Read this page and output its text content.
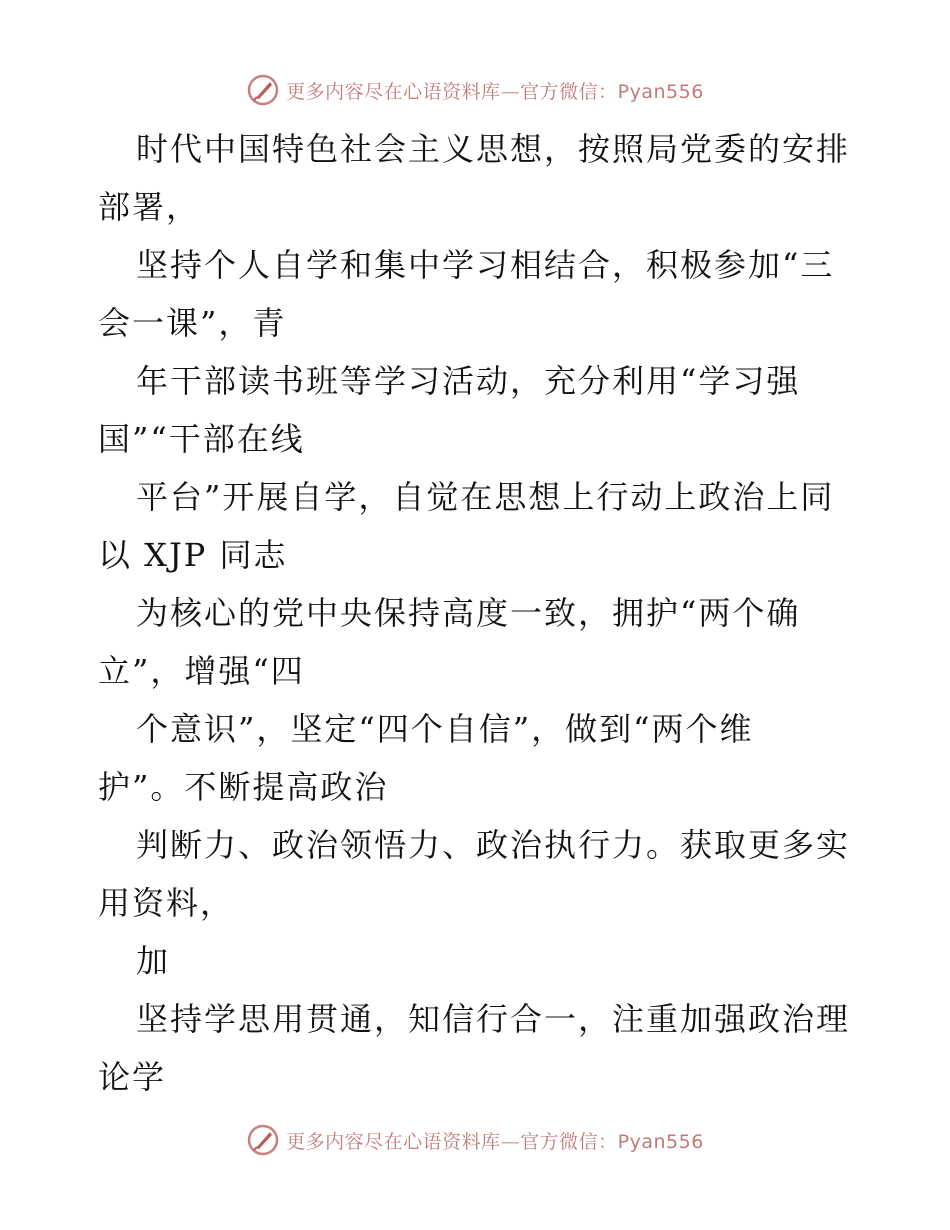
更多内容尽在心语资料库—官方微信：Pyan556
时代中国特色社会主义思想，按照局党委的安排
部署，
坚持个人自学和集中学习相结合，积极参加“三
会一课”，青
年干部读书班等学习活动，充分利用“学习强
国”“干部在线
平台”开展自学，自觉在思想上行动上政治上同
以 XJP 同志
为核心的党中央保持高度一致，拥护“两个确
立”，增强“四
个意识”，坚定“四个自信”，做到“两个维
护”。不断提高政治
判断力、政治领悟力、政治执行力。获取更多实
用资料，
加
坚持学思用贯通，知信行合一，注重加强政治理
论学
更多内容尽在心语资料库—官方微信：Pyan556
